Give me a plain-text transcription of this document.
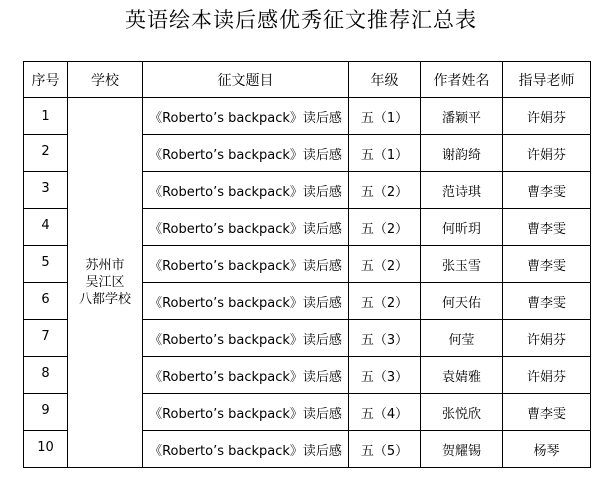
英语绘本读后感优秀征文推荐汇总表
序号	学校	征文题目	年级	作者姓名	指导老师

1	苏州市
吴江区
八都学校	《Roberto’s backpack》读后感	五（1）	潘颖平	许娟芬

2		《Roberto’s backpack》读后感	五（1）	谢韵绮	许娟芬

3		《Roberto’s backpack》读后感	五（2）	范诗琪	曹李雯

4		《Roberto’s backpack》读后感	五（2）	何昕玥	曹李雯

5		《Roberto’s backpack》读后感	五（2）	张玉雪	曹李雯

6		《Roberto’s backpack》读后感	五（2）	何天佑	曹李雯

7		《Roberto’s backpack》读后感	五（3）	何莹	许娟芬

8		《Roberto’s backpack》读后感	五（3）	袁婧雅	许娟芬

9		《Roberto’s backpack》读后感	五（4）	张悦欣	曹李雯

10		《Roberto’s backpack》读后感	五（5）	贺耀锡	杨琴
